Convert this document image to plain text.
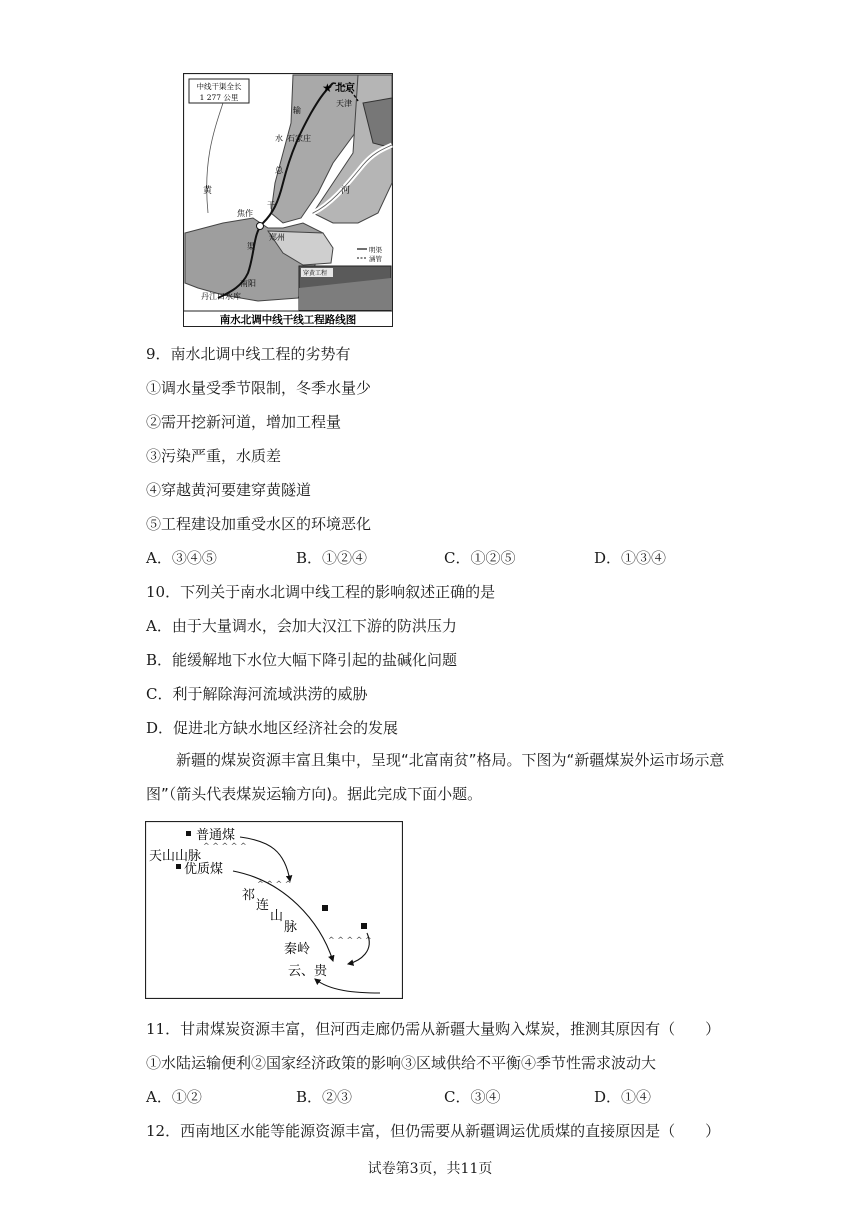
中线干渠全长
1 277 公里
★ 北京
天津
输
水 石家庄
总
黄	河
干
焦作
郑州
渠
南阳
丹江口水库
明渠
涵管
穿黄工程
南水北调中线干线工程路线图
9．南水北调中线工程的劣势有
①调水量受季节限制，冬季水量少
②需开挖新河道，增加工程量
③污染严重，水质差
④穿越黄河要建穿黄隧道
⑤工程建设加重受水区的环境恶化
A．③④⑤	B．①②④	C．①②⑤	D．①③④
10．下列关于南水北调中线工程的影响叙述正确的是
A．由于大量调水，会加大汉江下游的防洪压力
B．能缓解地下水位大幅下降引起的盐碱化问题
C．利于解除海河流域洪涝的威胁
D．促进北方缺水地区经济社会的发展
新疆的煤炭资源丰富且集中，呈现“北富南贫”格局。下图为“新疆煤炭外运市场示意图”（箭头代表煤炭运输方向)。据此完成下面小题。
普通煤
^ ^ ^ ^ ^
天山山脉
优质煤
^ ^ ^ ^
祁
连
山
脉
^ ^ ^ ^ ^
秦岭
云、贵
11．甘肃煤炭资源丰富，但河西走廊仍需从新疆大量购入煤炭，推测其原因有（　　）
①水陆运输便利②国家经济政策的影响③区域供给不平衡④季节性需求波动大
A．①②	B．②③	C．③④	D．①④
12．西南地区水能等能源资源丰富，但仍需要从新疆调运优质煤的直接原因是（　　）
试卷第3页，共11页
